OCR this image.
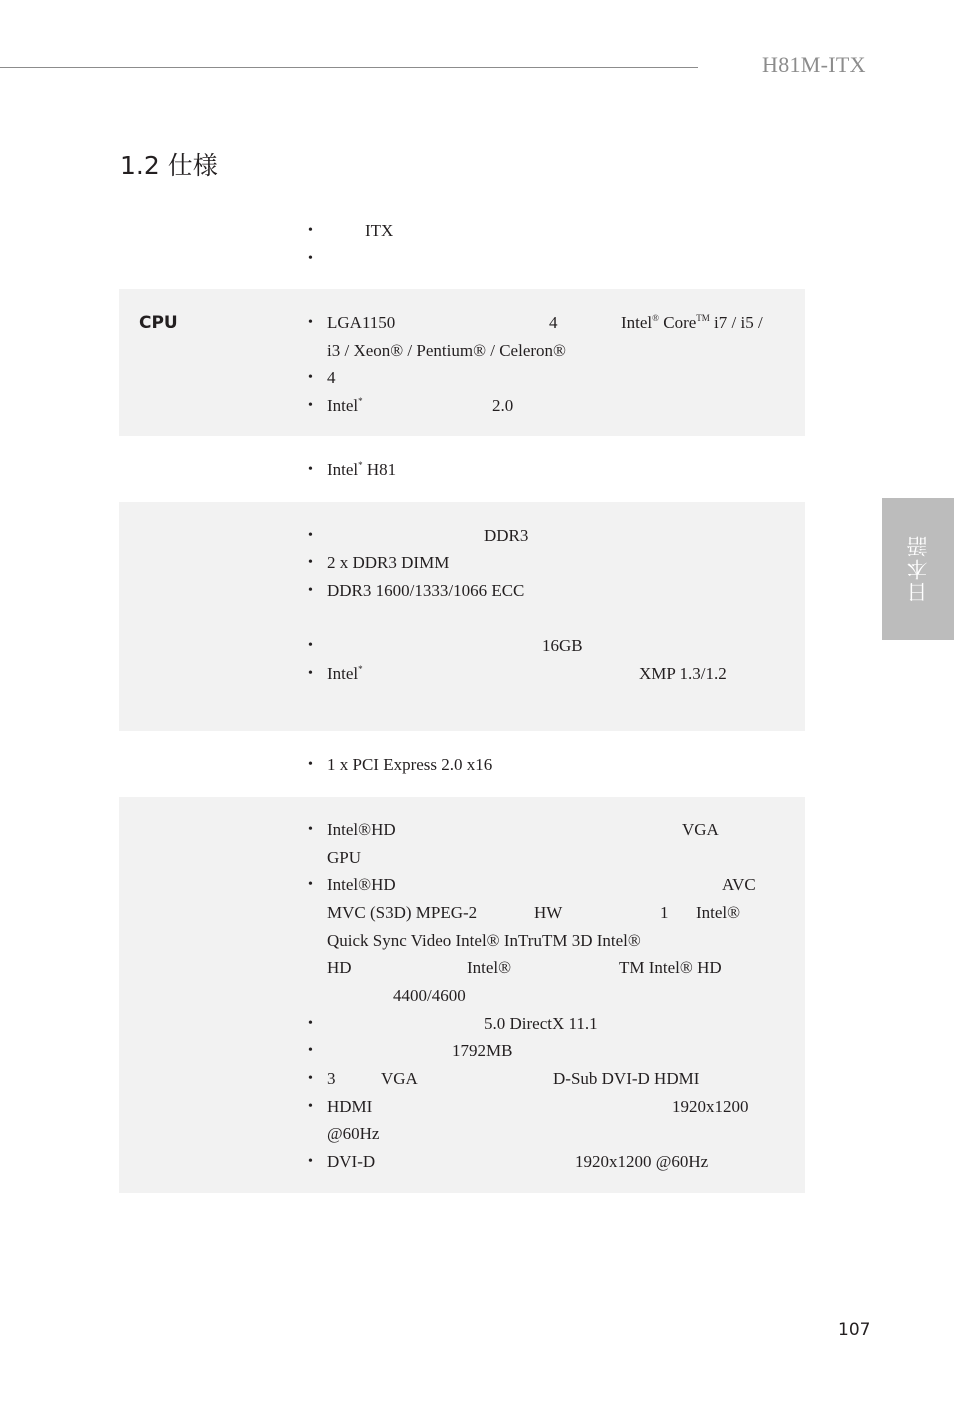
H81M-ITX
1.2 仕様
日本語
•	ITX
•
CPU	• LGA1150	4	Intel® Core™ i7 / i5 /
i3 / Xeon® / Pentium® / Celeron®
• 4
• Intel*	2.0
• Intel* H81
•	DDR3
• 2 x DDR3 DIMM
• DDR3 1600/1333/1066 ECC
•	16GB
• Intel*	XMP 1.3/1.2
• 1 x PCI Express 2.0 x16
• Intel®HD	VGA
GPU
• Intel®HD	AVC
MVC (S3D) MPEG-2	HW	1 Intel®
Quick Sync Video Intel® InTruTM 3D Intel®
HD	Intel®	TM Intel® HD
4400/4600
•	5.0 DirectX 11.1
•	1792MB
• 3	VGA	D-Sub DVI-D HDMI
• HDMI	1920x1200
@60Hz
• DVI-D	1920x1200 @60Hz
107
